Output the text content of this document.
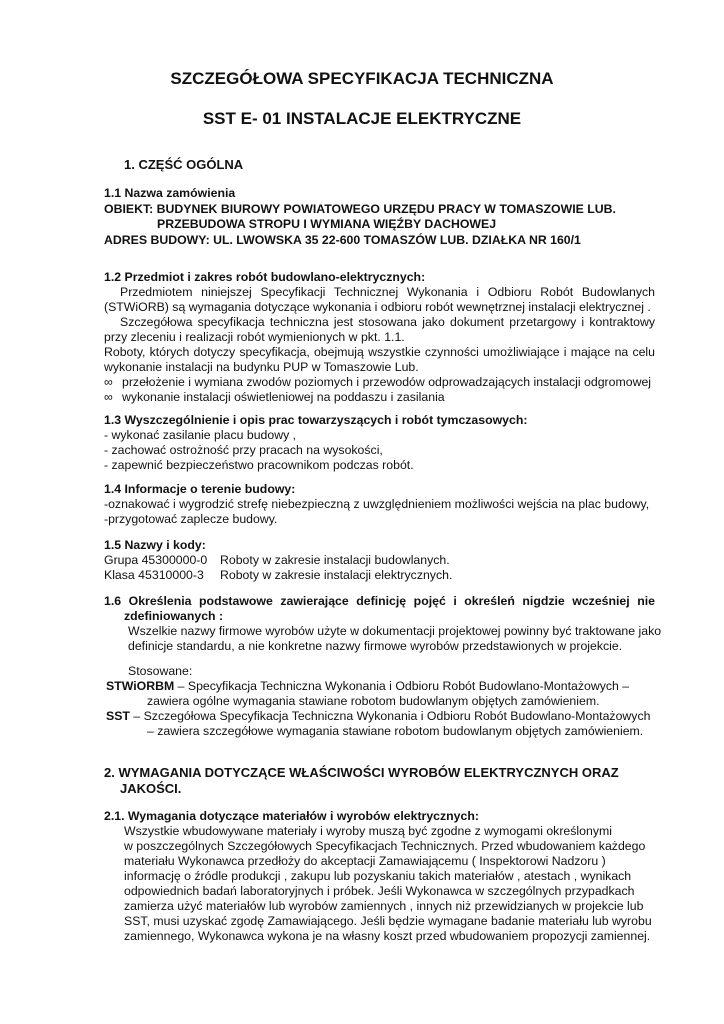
SZCZEGÓŁOWA SPECYFIKACJA TECHNICZNA
SST E- 01 INSTALACJE ELEKTRYCZNE
1. CZĘŚĆ OGÓLNA
1.1 Nazwa zamówienia
OBIEKT: BUDYNEK BIUROWY POWIATOWEGO URZĘDU PRACY W TOMASZOWIE LUB.
PRZEBUDOWA STROPU I WYMIANA WIĘŹBY DACHOWEJ
ADRES BUDOWY: UL. LWOWSKA 35 22-600 TOMASZÓW LUB. DZIAŁKA NR 160/1
1.2 Przedmiot i zakres robót budowlano-elektrycznych:
Przedmiotem niniejszej Specyfikacji Technicznej Wykonania i Odbioru Robót Budowlanych
(STWiORB) są wymagania dotyczące wykonania i odbioru robót wewnętrznej instalacji elektrycznej .
Szczegółowa specyfikacja techniczna jest stosowana jako dokument przetargowy i kontraktowy
przy zleceniu i realizacji robót wymienionych w pkt. 1.1.
Roboty, których dotyczy specyfikacja, obejmują wszystkie czynności umożliwiające i mające na celu
wykonanie instalacji na budynku PUP w Tomaszowie Lub.
∞ przełożenie i wymiana zwodów poziomych i przewodów odprowadzających instalacji odgromowej
∞ wykonanie instalacji oświetleniowej na poddaszu i zasilania
1.3 Wyszczególnienie i opis prac towarzyszących i robót tymczasowych:
- wykonać zasilanie placu budowy ,
- zachować ostrożność przy pracach na wysokości,
- zapewnić bezpieczeństwo pracownikom podczas robót.
1.4 Informacje o terenie budowy:
-oznakować i wygrodzić strefę niebezpieczną z uwzględnieniem możliwości wejścia na plac budowy,
-przygotować zaplecze budowy.
1.5 Nazwy i kody:
Grupa 45300000-0 Roboty w zakresie instalacji budowlanych.
Klasa 45310000-3 Roboty w zakresie instalacji elektrycznych.
1.6 Określenia podstawowe zawierające definicję pojęć i określeń nigdzie wcześniej nie
zdefiniowanych :
Wszelkie nazwy firmowe wyrobów użyte w dokumentacji projektowej powinny być traktowane jako
definicje standardu, a nie konkretne nazwy firmowe wyrobów przedstawionych w projekcie.
Stosowane:
STWiORBM – Specyfikacja Techniczna Wykonania i Odbioru Robót Budowlano-Montażowych –
zawiera ogólne wymagania stawiane robotom budowlanym objętych zamówieniem.
SST – Szczegółowa Specyfikacja Techniczna Wykonania i Odbioru Robót Budowlano-Montażowych
– zawiera szczegółowe wymagania stawiane robotom budowlanym objętych zamówieniem.
2. WYMAGANIA DOTYCZĄCE WŁAŚCIWOŚCI WYROBÓW ELEKTRYCZNYCH ORAZ
JAKOŚCI.
2.1. Wymagania dotyczące materiałów i wyrobów elektrycznych:
Wszystkie wbudowywane materiały i wyroby muszą być zgodne z wymogami określonymi
w poszczególnych Szczegółowych Specyfikacjach Technicznych. Przed wbudowaniem każdego
materiału Wykonawca przedłoży do akceptacji Zamawiającemu ( Inspektorowi Nadzoru )
informację o źródle produkcji , zakupu lub pozyskaniu takich materiałów , atestach , wynikach
odpowiednich badań laboratoryjnych i próbek. Jeśli Wykonawca w szczególnych przypadkach
zamierza użyć materiałów lub wyrobów zamiennych , innych niż przewidzianych w projekcie lub
SST, musi uzyskać zgodę Zamawiającego. Jeśli będzie wymagane badanie materiału lub wyrobu
zamiennego, Wykonawca wykona je na własny koszt przed wbudowaniem propozycji zamiennej.
